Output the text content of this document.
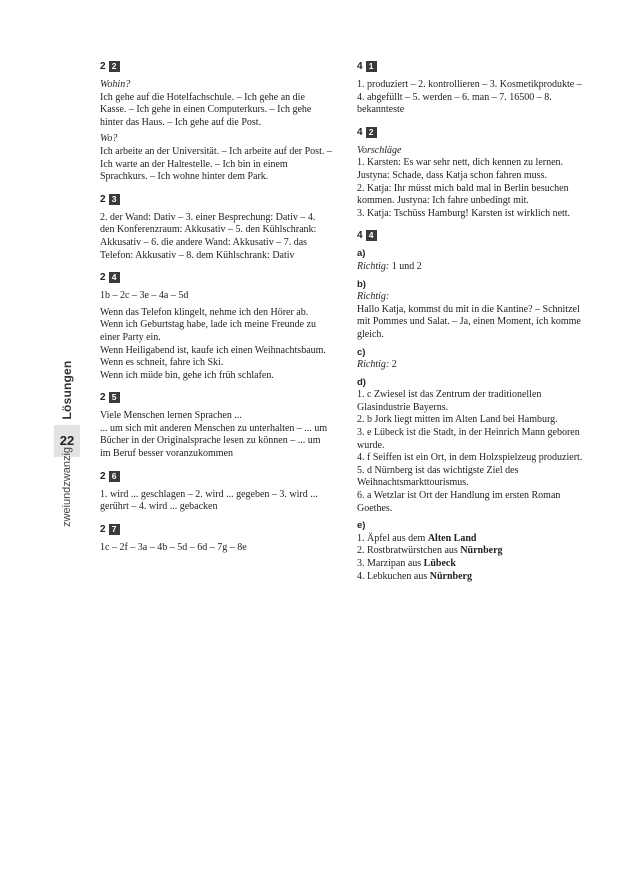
Lösungen
22
zweiundzwanzig
2 2
Wohin?

Ich gehe auf die Hotelfachschule. – Ich gehe an die Kasse. – Ich gehe in einen Computerkurs. – Ich gehe hinter das Haus. – Ich gehe auf die Post.

Wo?

Ich arbeite an der Universität. – Ich arbeite auf der Post. – Ich warte an der Haltestelle. – Ich bin in einem Sprachkurs. – Ich wohne hinter dem Park.

2 3

2. der Wand: Dativ – 3. einer Besprechung: Dativ – 4. den Konferenzraum: Akkusativ – 5. den Kühlschrank: Akkusativ – 6. die andere Wand: Akkusativ – 7. das Telefon: Akkusativ – 8. dem Kühlschrank: Dativ

2 4

1b – 2c – 3e – 4a – 5d

Wenn das Telefon klingelt, nehme ich den Hörer ab.
Wenn ich Geburtstag habe, lade ich meine Freunde zu einer Party ein.
Wenn Heiligabend ist, kaufe ich einen Weihnachtsbaum.
Wenn es schneit, fahre ich Ski.
Wenn ich müde bin, gehe ich früh schlafen.
2 5
Viele Menschen lernen Sprachen ...

... um sich mit anderen Menschen zu unterhalten – ... um Bücher in der Originalsprache lesen zu können – ... um im Beruf besser voranzukommen

2 6

1. wird ... geschlagen – 2. wird ... gegeben – 3. wird ... gerührt – 4. wird ... gebacken

2 7

1c – 2f – 3a – 4b – 5d – 6d – 7g – 8e

4 1

1. produziert – 2. kontrollieren – 3. Kosmetikprodukte – 4. abgefüllt – 5. werden – 6. man – 7. 16500 – 8. bekannteste

4 2
Vorschläge
1. Karsten: Es war sehr nett, dich kennen zu lernen.
Justyna: Schade, dass Katja schon fahren muss.
2. Katja: Ihr müsst mich bald mal in Berlin besuchen kommen. Justyna: Ich fahre unbedingt mit.
3. Katja: Tschüss Hamburg! Karsten ist wirklich nett.
4 4
a)
Richtig: 1 und 2
b)
Richtig:
Hallo Katja, kommst du mit in die Kantine? – Schnitzel mit Pommes und Salat. – Ja, einen Moment, ich komme gleich.
c)
Richtig: 2
d)
1. c Zwiesel ist das Zentrum der traditionellen Glasindustrie Bayerns.
2. b Jork liegt mitten im Alten Land bei Hamburg.
3. e Lübeck ist die Stadt, in der Heinrich Mann geboren wurde.
4. f Seiffen ist ein Ort, in dem Holzspielzeug produziert.
5. d Nürnberg ist das wichtigste Ziel des Weihnachtsmarkttourismus.
6. a Wetzlar ist Ort der Handlung im ersten Roman Goethes.
e)
1. Äpfel aus dem Alten Land
2. Rostbratwürstchen aus Nürnberg
3. Marzipan aus Lübeck
4. Lebkuchen aus Nürnberg
